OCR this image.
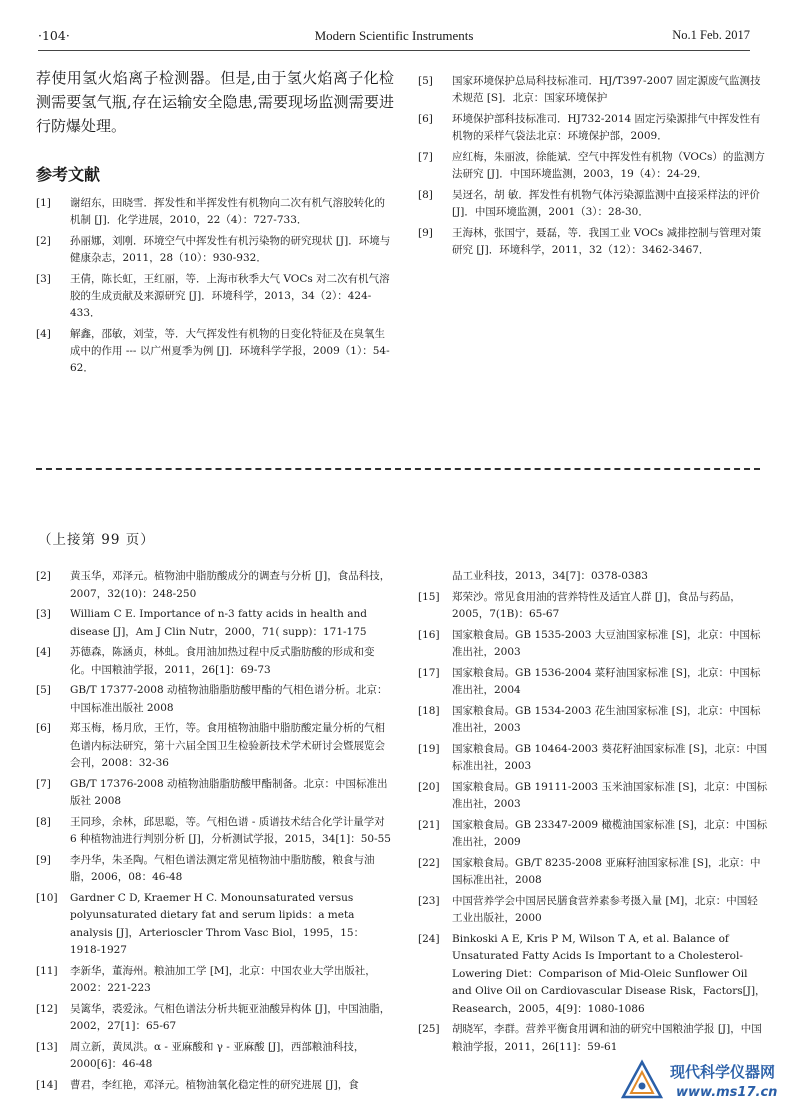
·104·	Modern Scientific Instruments	No.1 Feb. 2017

荐使用氢火焰离子检测器。但是,由于氢火焰离子化检测需要氢气瓶,存在运输安全隐患,需要现场监测需要进行防爆处理。

参考文献
[1]	谢绍东，田晓雪．挥发性和半挥发性有机物向二次有机气溶胶转化的机制 [J]．化学进展，2010，22（4）：727-733．
[2]	孙丽娜，刘刚．环境空气中挥发性有机污染物的研究现状 [J]．环境与健康杂志，2011，28（10）：930-932．
[3]	王倩，陈长虹，王红丽，等．上海市秋季大气 VOCs 对二次有机气溶胶的生成贡献及来源研究 [J]．环境科学，2013，34（2）：424-433．
[4]	解鑫，邵敏，刘莹，等．大气挥发性有机物的日变化特征及在臭氧生成中的作用 --- 以广州夏季为例 [J]．环境科学学报，2009（1）：54-62．
[5]	国家环境保护总局科技标准司．HJ/T397-2007 固定源废气监测技术规范 [S]．北京：国家环境保护
[6]	环境保护部科技标准司．HJ732-2014 固定污染源排气中挥发性有机物的采样气袋法北京：环境保护部，2009．
[7]	应红梅，朱丽波，徐能斌．空气中挥发性有机物（VOCs）的监测方法研究 [J]．中国环境监测，2003，19（4）：24-29．
[8]	吴迓名，胡 敏．挥发性有机物气体污染源监测中直接采样法的评价 [J]．中国环境监测，2001（3）：28-30．
[9]	王海林，张国宁，聂磊，等．我国工业 VOCs 减排控制与管理对策研究 [J]．环境科学，2011，32（12）：3462-3467．
（上接第 99 页）
[2]	黄玉华，邓泽元。植物油中脂肪酸成分的调查与分析 [J]，食品科技，2007，32(10)：248-250
[3]	William C E. Importance of n-3 fatty acids in health and disease [J]，Am J Clin Nutr，2000，71( supp)：171-175
[4]	苏德森，陈涵贞，林虬。食用油加热过程中反式脂肪酸的形成和变化。中国粮油学报，2011，26[1]：69-73
[5]	GB/T 17377-2008 动植物油脂脂肪酸甲酯的气相色谱分析。北京：中国标准出版社 2008
[6]	郑玉梅，杨月欣，王竹，等。食用植物油脂中脂肪酸定量分析的气相色谱内标法研究，第十六届全国卫生检验新技术学术研讨会暨展览会会刊，2008：32-36
[7]	GB/T 17376-2008 动植物油脂脂肪酸甲酯制备。北京：中国标准出版社 2008
[8]	王同珍，余林，邱思聪，等。气相色谱 - 质谱技术结合化学计量学对 6 种植物油进行判别分析 [J]，分析测试学报，2015，34[1]：50-55
[9]	李丹华，朱圣陶。气相色谱法测定常见植物油中脂肪酸，粮食与油脂，2006，08：46-48
[10]	Gardner C D, Kraemer H C. Monounsaturated versus polyunsaturated dietary fat and serum lipids：a meta analysis [J]，Arterioscler Throm Vasc Biol，1995，15：1918-1927
[11]	李新华，董海州。粮油加工学 [M]，北京：中国农业大学出版社，2002：221-223
[12]	吴篱华，裘爱泳。气相色谱法分析共轭亚油酸异构体 [J]，中国油脂，2002，27[1]：65-67
[13]	周立新，黄凤洪。α - 亚麻酸和 γ - 亚麻酸 [J]，西部粮油科技，2000[6]：46-48
[14]	曹君，李红艳，邓泽元。植物油氧化稳定性的研究进展 [J]，食
品工业科技，2013，34[7]：0378-0383
[15]	郑荣沙。常见食用油的营养特性及适宜人群 [J]，食品与药品，2005，7(1B)：65-67
[16]	国家粮食局。GB 1535-2003 大豆油国家标准 [S]，北京：中国标准出社，2003
[17]	国家粮食局。GB 1536-2004 菜籽油国家标准 [S]，北京：中国标准出社，2004
[18]	国家粮食局。GB 1534-2003 花生油国家标准 [S]，北京：中国标准出社，2003
[19]	国家粮食局。GB 10464-2003 葵花籽油国家标准 [S]，北京：中国标准出社，2003
[20]	国家粮食局。GB 19111-2003 玉米油国家标准 [S]，北京：中国标准出社，2003
[21]	国家粮食局。GB 23347-2009 橄榄油国家标准 [S]，北京：中国标准出社，2009
[22]	国家粮食局。GB/T 8235-2008 亚麻籽油国家标准 [S]，北京：中国标准出社，2008
[23]	中国营养学会中国居民膳食营养素参考摄入量 [M]，北京：中国轻工业出版社，2000
[24]	Binkoski A E, Kris P M, Wilson T A, et al. Balance of Unsaturated Fatty Acids Is Important to a Cholesterol-Lowering Diet：Comparison of Mid-Oleic Sunflower Oil and Olive Oil on Cardiovascular Disease Risk，Factors[J]，Reasearch，2005，4[9]：1080-1086
[25]	胡晓军，李群。营养平衡食用调和油的研究中国粮油学报 [J]，中国粮油学报，2011，26[11]：59-61
现代科学仪器网
www.ms17.cn
